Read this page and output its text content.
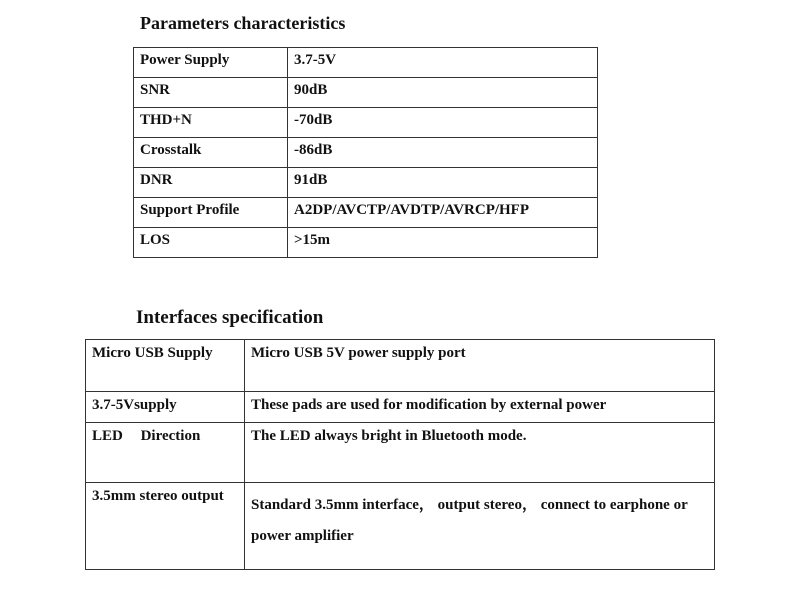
Parameters characteristics
Power Supply	3.7-5V
SNR	90dB
THD+N	-70dB
Crosstalk	-86dB
DNR	91dB
Support Profile	A2DP/AVCTP/AVDTP/AVRCP/HFP
LOS	>15m
Interfaces specification
Micro USB Supply	Micro USB 5V power supply port
3.7-5Vsupply	These pads are used for modification by external power
LED Direction	The LED always bright in Bluetooth mode.
3.5mm stereo output	Standard 3.5mm interface， output stereo， connect to earphone or power amplifier
